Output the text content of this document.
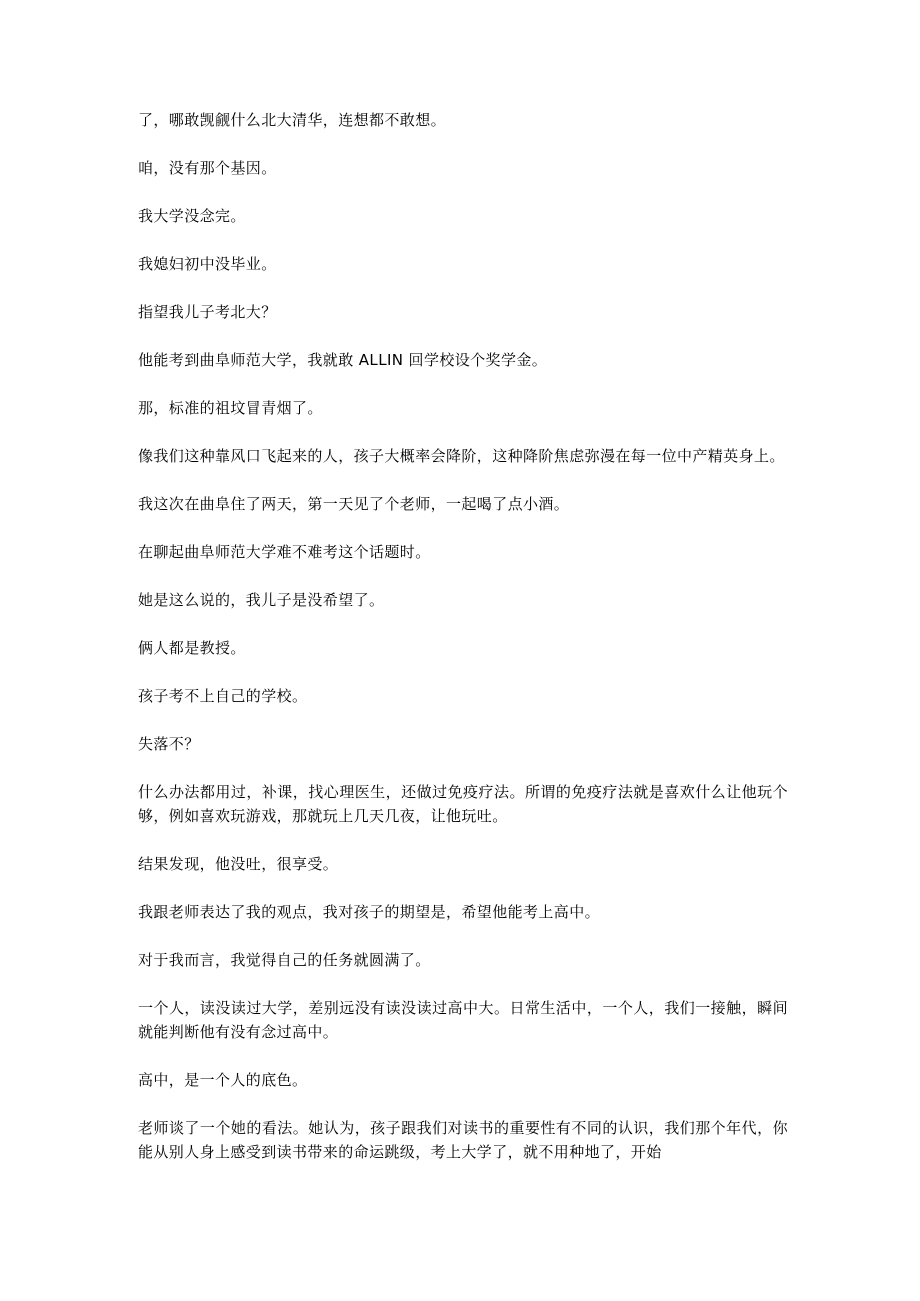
了，哪敢觊觎什么北大清华，连想都不敢想。

咱，没有那个基因。

我大学没念完。

我媳妇初中没毕业。

指望我儿子考北大？

他能考到曲阜师范大学，我就敢 ALLIN 回学校设个奖学金。

那，标准的祖坟冒青烟了。

像我们这种靠风口飞起来的人，孩子大概率会降阶，这种降阶焦虑弥漫在每一位中产精英身上。

我这次在曲阜住了两天，第一天见了个老师，一起喝了点小酒。

在聊起曲阜师范大学难不难考这个话题时。

她是这么说的，我儿子是没希望了。

俩人都是教授。

孩子考不上自己的学校。

失落不？

什么办法都用过，补课，找心理医生，还做过免疫疗法。所谓的免疫疗法就是喜欢什么让他玩个够，例如喜欢玩游戏，那就玩上几天几夜，让他玩吐。

结果发现，他没吐，很享受。

我跟老师表达了我的观点，我对孩子的期望是，希望他能考上高中。

对于我而言，我觉得自己的任务就圆满了。

一个人，读没读过大学，差别远没有读没读过高中大。日常生活中，一个人，我们一接触，瞬间就能判断他有没有念过高中。

高中，是一个人的底色。

老师谈了一个她的看法。她认为，孩子跟我们对读书的重要性有不同的认识，我们那个年代，你能从别人身上感受到读书带来的命运跳级，考上大学了，就不用种地了，开始
